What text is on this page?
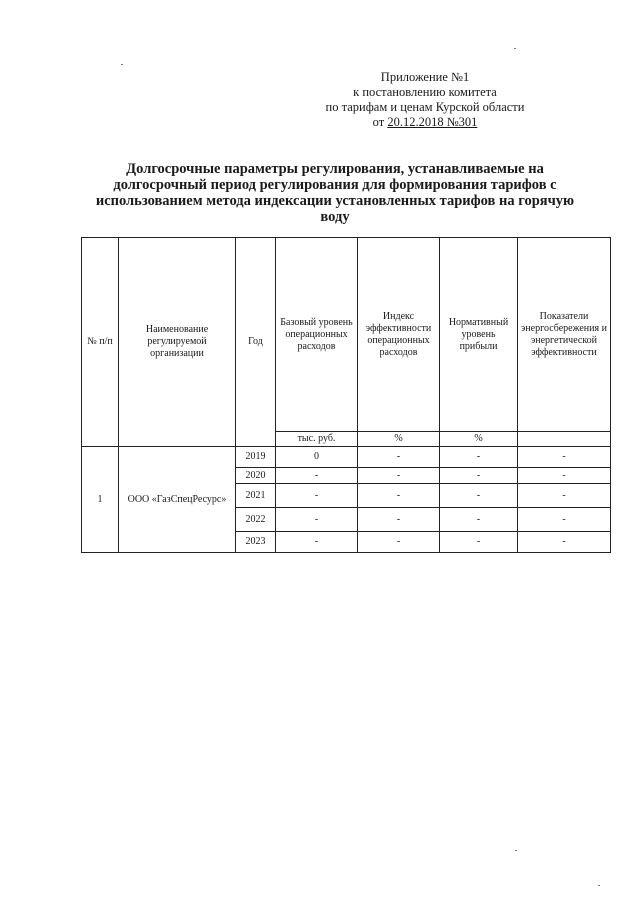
Приложение №1
к постановлению комитета
по тарифам и ценам Курской области
от 20.12.2018 №301
Долгосрочные параметры регулирования, устанавливаемые на долгосрочный период регулирования для формирования тарифов с использованием метода индексации установленных тарифов на горячую воду
№ п/п	Наименование регулируемой организации	Год	Базовый уровень операционных расходов	Индекс эффективности операционных расходов	Нормативный уровень прибыли	Показатели энергосбережения и энергетической эффективности
			тыс. руб.	%	%	
1	ООО «ГазСпецРесурс»	2019	0	-	-	-
		2020	-	-	-	-
		2021	-	-	-	-
		2022	-	-	-	-
		2023	-	-	-	-
